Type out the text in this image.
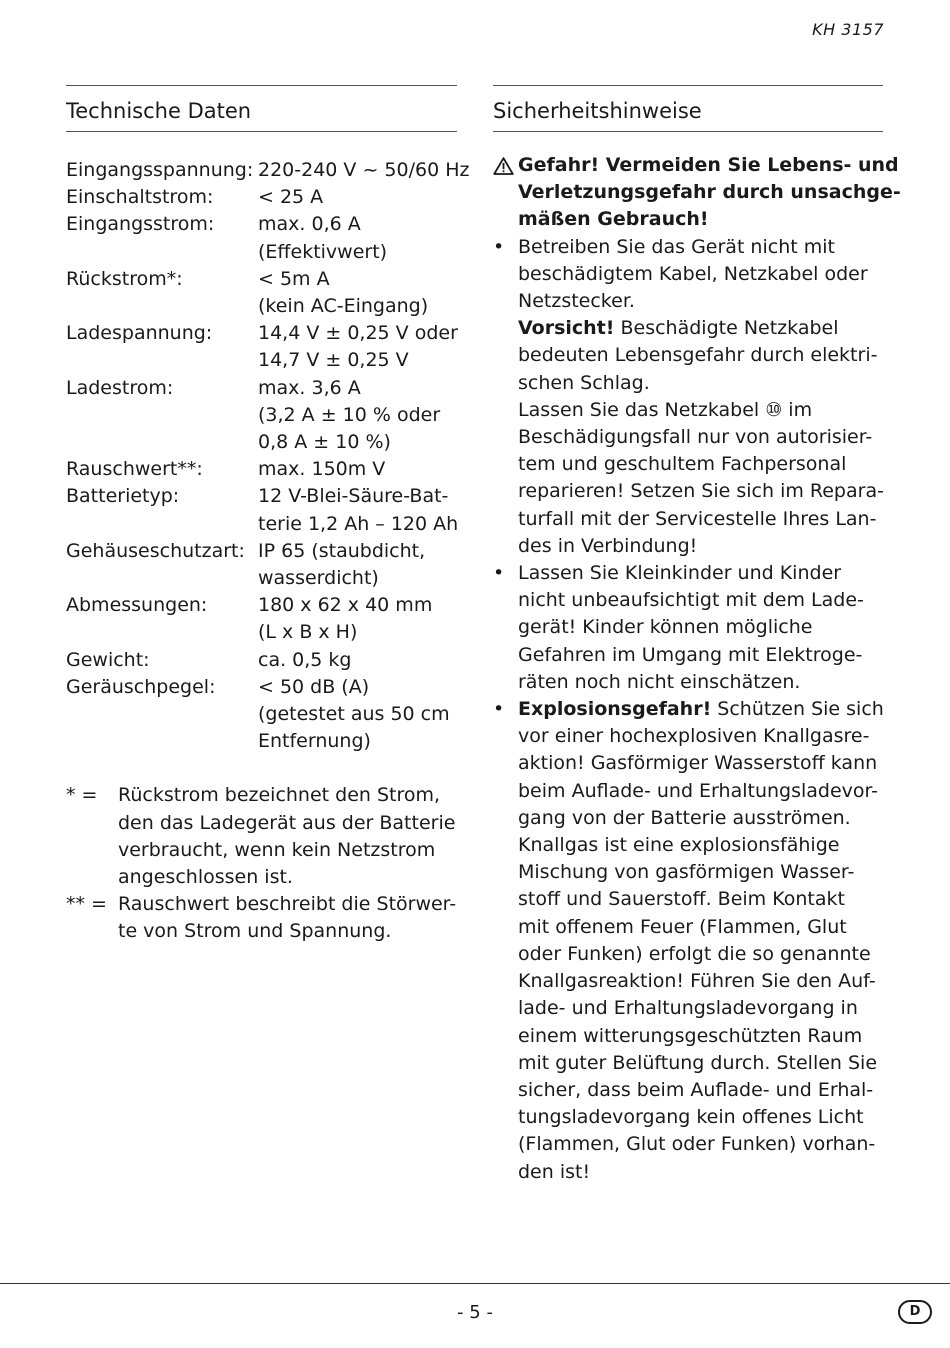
KH 3157
Technische Daten
Eingangsspannung: 220-240 V ~ 50/60 Hz
Einschaltstrom:	< 25 A
Eingangsstrom:	max. 0,6 A
(Effektivwert)
Rückstrom*:	< 5m A
(kein AC-Eingang)
Ladespannung:	14,4 V ± 0,25 V oder
14,7 V ± 0,25 V
Ladestrom:	max. 3,6 A
(3,2 A ± 10 % oder
0,8 A ± 10 %)
Rauschwert**:	max. 150m V
Batterietyp:	12 V-Blei-Säure-Bat-
terie 1,2 Ah – 120 Ah
Gehäuseschutzart: IP 65 (staubdicht,
wasserdicht)
Abmessungen:	180 x 62 x 40 mm
(L x B x H)
Gewicht:	ca. 0,5 kg
Geräuschpegel:	< 50 dB (A)
(getestet aus 50 cm
Entfernung)
* =	Rückstrom bezeichnet den Strom,
den das Ladegerät aus der Batterie
verbraucht, wenn kein Netzstrom
angeschlossen ist.
** = Rauschwert beschreibt die Störwer-
te von Strom und Spannung.
Sicherheitshinweise
Gefahr! Vermeiden Sie Lebens- und
Verletzungsgefahr durch unsachge-
mäßen Gebrauch!
• Betreiben Sie das Gerät nicht mit
beschädigtem Kabel, Netzkabel oder
Netzstecker.
Vorsicht! Beschädigte Netzkabel
bedeuten Lebensgefahr durch elektri-
schen Schlag.
Lassen Sie das Netzkabel ⑩ im
Beschädigungsfall nur von autorisier-
tem und geschultem Fachpersonal
reparieren! Setzen Sie sich im Repara-
turfall mit der Servicestelle Ihres Lan-
des in Verbindung!
• Lassen Sie Kleinkinder und Kinder
nicht unbeaufsichtigt mit dem Lade-
gerät! Kinder können mögliche
Gefahren im Umgang mit Elektroge-
räten noch nicht einschätzen.
• Explosionsgefahr! Schützen Sie sich
vor einer hochexplosiven Knallgasre-
aktion! Gasförmiger Wasserstoff kann
beim Auflade- und Erhaltungsladevor-
gang von der Batterie ausströmen.
Knallgas ist eine explosionsfähige
Mischung von gasförmigen Wasser-
stoff und Sauerstoff. Beim Kontakt
mit offenem Feuer (Flammen, Glut
oder Funken) erfolgt die so genannte
Knallgasreaktion! Führen Sie den Auf-
lade- und Erhaltungsladevorgang in
einem witterungsgeschützten Raum
mit guter Belüftung durch. Stellen Sie
sicher, dass beim Auflade- und Erhal-
tungsladevorgang kein offenes Licht
(Flammen, Glut oder Funken) vorhan-
den ist!
- 5 -	D
